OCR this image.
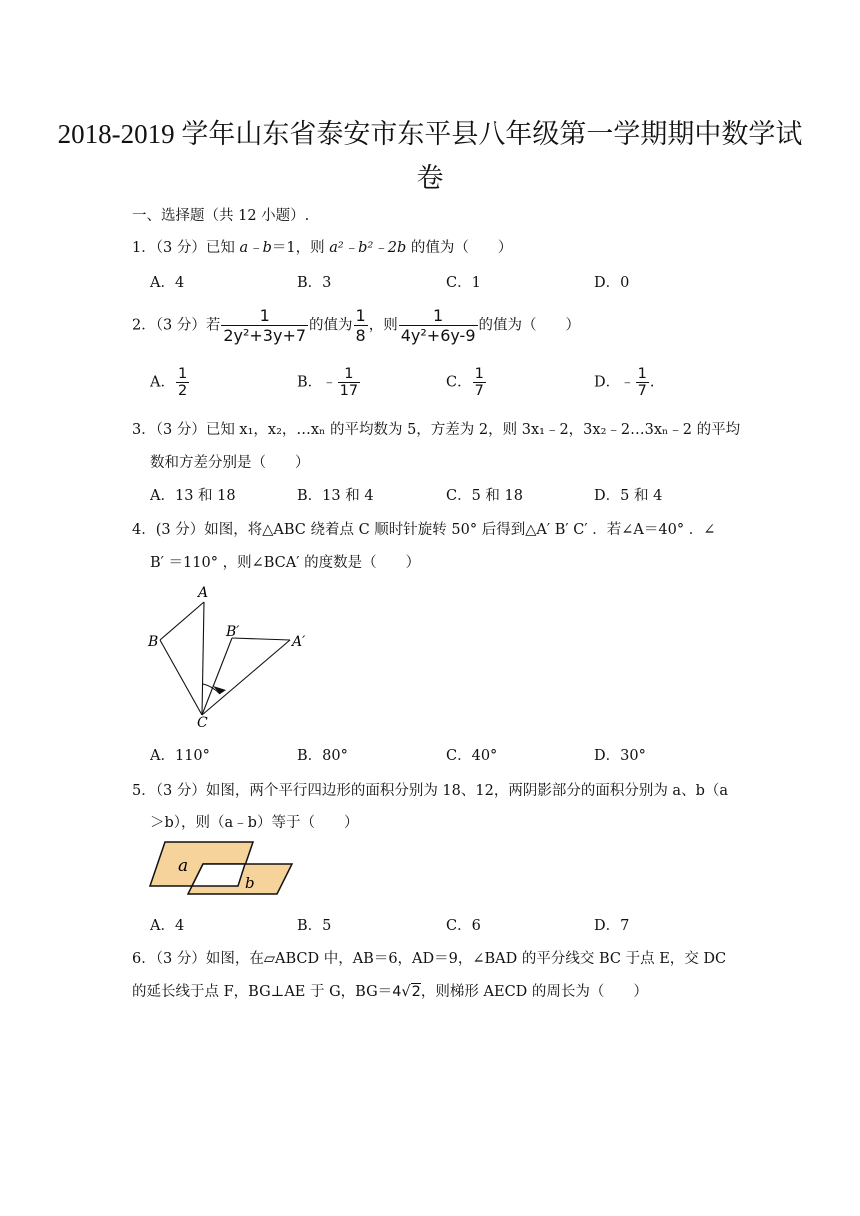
2018-2019 学年山东省泰安市东平县八年级第一学期期中数学试
卷
一、选择题（共 12 小题）.
1．（3 分）已知 a﹣b＝1，则 a²﹣b²﹣2b 的值为（　　）
A．4	B．3	C．1	D．0
2．（3 分）若 $\frac{1}{\text{2y²+3y+7}}$ 的值为 $\frac{1}{8}$ ，则 $\frac{1}{\text{4y²+6y-9}}$ 的值为（　　）
A． $\frac{1}{2}$	B．﹣ $\frac{1}{17}$	C． $\frac{1}{7}$	D．﹣ $\frac{1}{7}$ .
3．（3 分）已知 x₁，x₂，…xₙ 的平均数为 5，方差为 2，则 3x₁﹣2，3x₂﹣2…3xₙ﹣2 的平均
数和方差分别是（　　）
A．13 和 18	B．13 和 4	C．5 和 18	D．5 和 4
4．(3 分）如图，将△ABC 绕着点 C 顺时针旋转 50° 后得到△A′ B′ C′ ．若∠A＝40° ．∠
B′ ＝110° ，则∠BCA′ 的度数是（　　）
A
B
C
B′
A′
A．110°	B．80°	C．40°	D．30°
5．（3 分）如图，两个平行四边形的面积分别为 18、12，两阴影部分的面积分别为 a、b（a
＞b），则（a﹣b）等于（　　）
a
b
A．4	B．5	C．6	D．7
6．（3 分）如图，在▱ABCD 中，AB＝6，AD＝9，∠BAD 的平分线交 BC 于点 E，交 DC
的延长线于点 F，BG⊥AE 于 G，BG＝4√2，则梯形 AECD 的周长为（　　）
